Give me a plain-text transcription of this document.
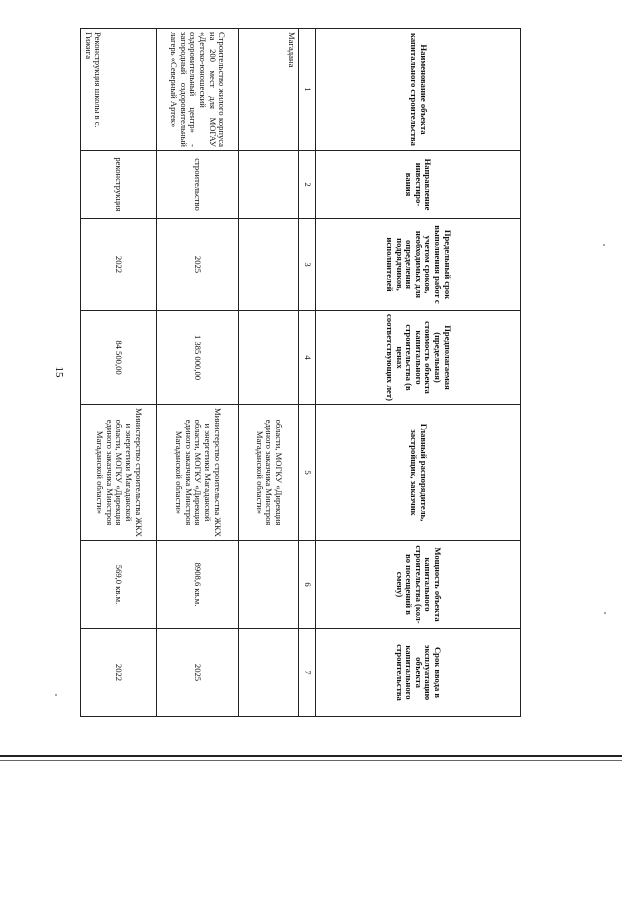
15
Наименование объекта капитального строительства	Направление инвестиро-вания	Предельный срок выполнения работ с учетом сроков, необходимых для определения подрядчиков, исполнителей	Предполагаемая (предельная) стоимость объекта капитального строительства (в ценах соответствующих лет)	Главный распорядитель, застройщик, заказчик	Мощность объекта капитального строительства (кол-во посещений в смену)	Срок ввода в эксплуатацию объекта капитального строительства
1	2	3	4	5	6	7
Магадана				области, МОГКУ «Дирекция единого заказчика Минстроя Магаданской области»		
Строительство жилого корпуса на 200 мест для МОГАУ «Детско-юношеский оздоровительный центр» - загородный оздоровительный лагерь «Северный Артек»	строительство	2025	1 385 000,00	Министерство строительства ЖКХ и энергетики Магаданской области, МОГКУ «Дирекция единого заказчика Минстроя Магаданской области»	8908,6 кв.м.	2025
Реконструкция школы в с. Гижига	реконструкция	2022	84 500,00	Министерство строительства ЖКХ и энергетики Магаданской области, МОГКУ «Дирекция единого заказчика Минстроя Магаданской области»	569,0 кв.м.	2022
